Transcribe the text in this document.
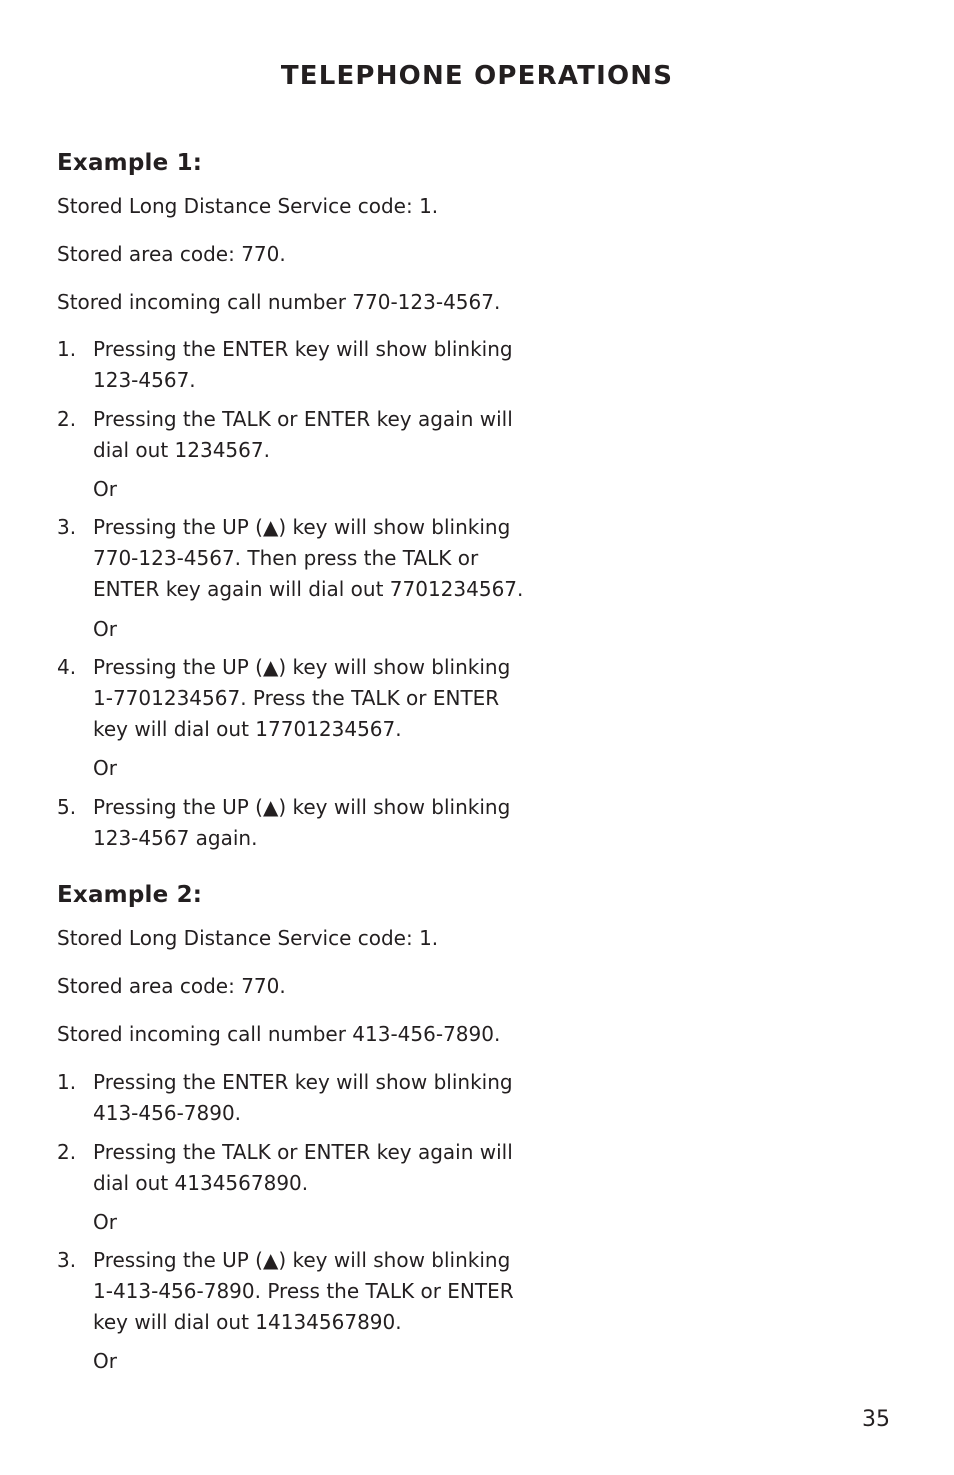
TELEPHONE OPERATIONS
Example 1:
Stored Long Distance Service code: 1.
Stored area code: 770.
Stored incoming call number 770-123-4567.
1. Pressing the ENTER key will show blinking
123-4567.
2. Pressing the TALK or ENTER key again will
dial out 1234567.
Or
3. Pressing the UP (▲) key will show blinking
770-123-4567. Then press the TALK or
ENTER key again will dial out 7701234567.
Or
4. Pressing the UP (▲) key will show blinking
1-7701234567. Press the TALK or ENTER
key will dial out 17701234567.
Or
5. Pressing the UP (▲) key will show blinking
123-4567 again.
Example 2:
Stored Long Distance Service code: 1.
Stored area code: 770.
Stored incoming call number 413-456-7890.
1. Pressing the ENTER key will show blinking
413-456-7890.
2. Pressing the TALK or ENTER key again will
dial out 4134567890.
Or
3. Pressing the UP (▲) key will show blinking
1-413-456-7890. Press the TALK or ENTER
key will dial out 14134567890.
Or
35
